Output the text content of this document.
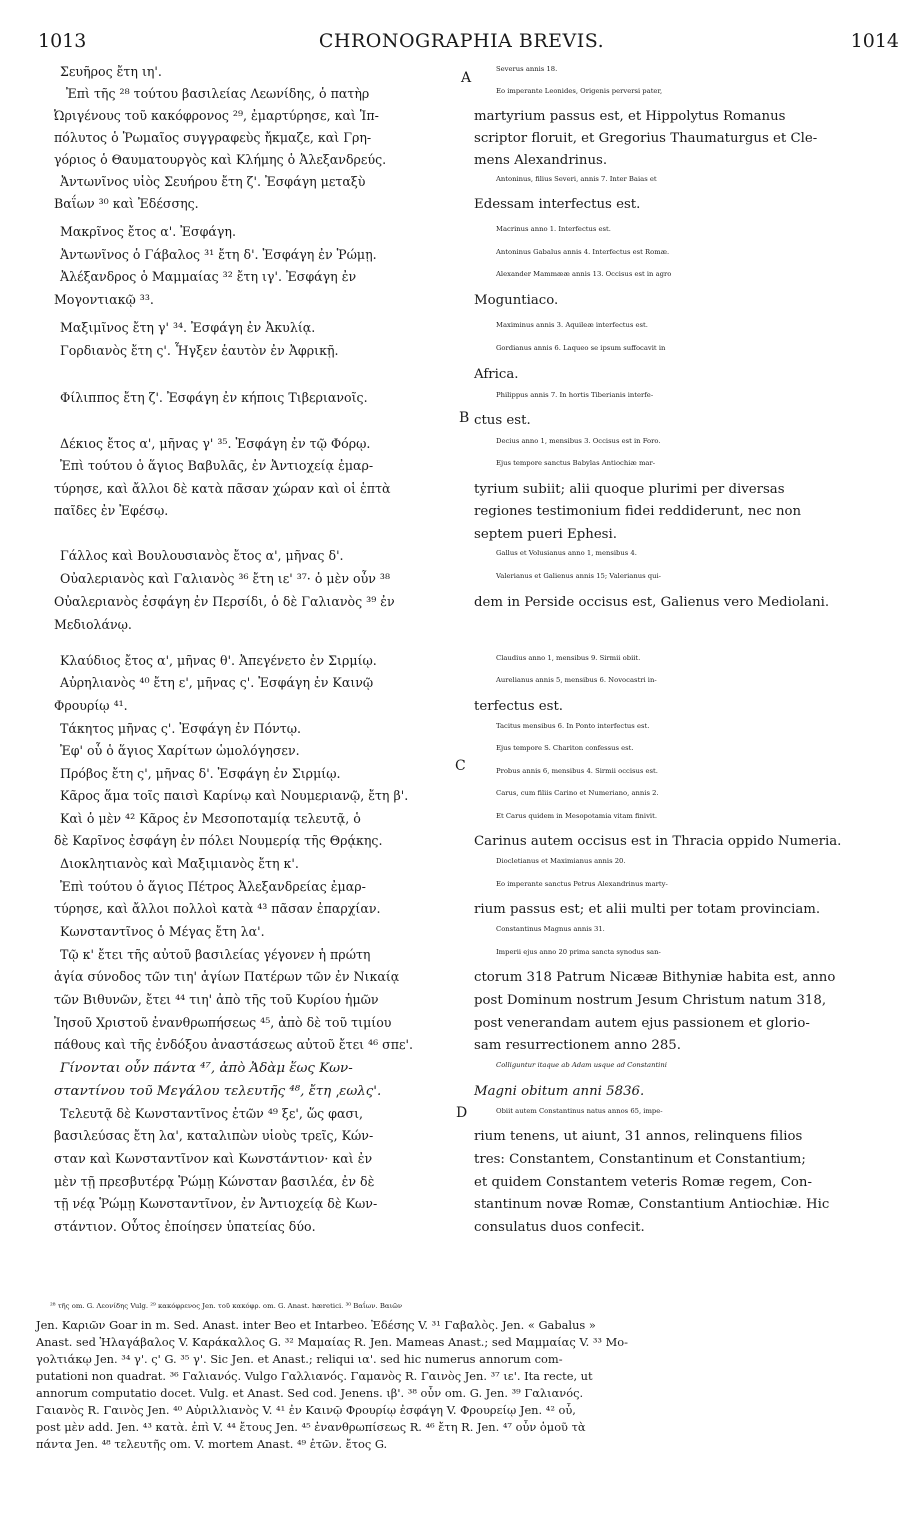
1013	CHRONOGRAPHIA BREVIS.	1014
A
B
C
D
Σευῆρος ἔτη ιη'.
Ἐπὶ τῆς ²⁸ τούτου βασιλείας Λεωνίδης, ὁ πατὴρ
Ὠριγένους τοῦ κακόφρονος ²⁹, ἐμαρτύρησε, καὶ Ἱπ-
πόλυτος ὁ Ῥωμαῖος συγγραφεὺς ἤκμαζε, καὶ Γρη-
γόριος ὁ Θαυματουργὸς καὶ Κλήμης ὁ Ἀλεξανδρεύς.
Ἀντωνῖνος υἱὸς Σευήρου ἔτη ζ'. Ἐσφάγη μεταξὺ
Βαΐων ³⁰ καὶ Ἐδέσσης.
Μακρῖνος ἔτος α'. Ἐσφάγη.
Ἀντωνῖνος ὁ Γάβαλος ³¹ ἔτη δ'. Ἐσφάγη ἐν Ῥώμῃ.
Ἀλέξανδρος ὁ Μαμμαίας ³² ἔτη ιγ'. Ἐσφάγη ἐν
Μογοντιακῷ ³³.
Μαξιμῖνος ἔτη γ' ³⁴. Ἐσφάγη ἐν Ἀκυλίᾳ.
Γορδιανὸς ἔτη ς'. Ἧγξεν ἑαυτὸν ἐν Ἀφρικῇ.
Φίλιππος ἔτη ζ'. Ἐσφάγη ἐν κήποις Τιβεριανοῖς.
Δέκιος ἔτος α', μῆνας γ' ³⁵. Ἐσφάγη ἐν τῷ Φόρῳ.
Ἐπὶ τούτου ὁ ἅγιος Βαβυλᾶς, ἐν Ἀντιοχείᾳ ἐμαρ-
τύρησε, καὶ ἄλλοι δὲ κατὰ πᾶσαν χώραν καὶ οἱ ἑπτὰ
παῖδες ἐν Ἐφέσῳ.
Γάλλος καὶ Βουλουσιανὸς ἔτος α', μῆνας δ'.
Οὐαλεριανὸς καὶ Γαλιανὸς ³⁶ ἔτη ιε' ³⁷· ὁ μὲν οὖν ³⁸
Οὐαλεριανὸς ἐσφάγη ἐν Περσίδι, ὁ δὲ Γαλιανὸς ³⁹ ἐν
Μεδιολάνῳ.
Κλαύδιος ἔτος α', μῆνας θ'. Ἀπεγένετο ἐν Σιρμίῳ.
Αὐρηλιανὸς ⁴⁰ ἔτη ε', μῆνας ς'. Ἐσφάγη ἐν Καινῷ
Φρουρίῳ ⁴¹.
Τάκητος μῆνας ς'. Ἐσφάγη ἐν Πόντῳ.
Ἐφ' οὗ ὁ ἅγιος Χαρίτων ὡμολόγησεν.
Πρόβος ἔτη ς', μῆνας δ'. Ἐσφάγη ἐν Σιρμίῳ.
Κᾶρος ἅμα τοῖς παισὶ Καρίνῳ καὶ Νουμεριανῷ, ἔτη β'.
Καὶ ὁ μὲν ⁴² Κᾶρος ἐν Μεσοποταμίᾳ τελευτᾷ, ὁ
δὲ Καρῖνος ἐσφάγη ἐν πόλει Νουμερίᾳ τῆς Θρᾴκης.
Διοκλητιανὸς καὶ Μαξιμιανὸς ἔτη κ'.
Ἐπὶ τούτου ὁ ἅγιος Πέτρος Ἀλεξανδρείας ἐμαρ-
τύρησε, καὶ ἄλλοι πολλοὶ κατὰ ⁴³ πᾶσαν ἐπαρχίαν.
Κωνσταντῖνος ὁ Μέγας ἔτη λα'.
Τῷ κ' ἔτει τῆς αὐτοῦ βασιλείας γέγονεν ἡ πρώτη
ἁγία σύνοδος τῶν τιη' ἁγίων Πατέρων τῶν ἐν Νικαίᾳ
τῶν Βιθυνῶν, ἔτει ⁴⁴ τιη' ἀπὸ τῆς τοῦ Κυρίου ἡμῶν
Ἰησοῦ Χριστοῦ ἐνανθρωπήσεως ⁴⁵, ἀπὸ δὲ τοῦ τιμίου
πάθους καὶ τῆς ἐνδόξου ἀναστάσεως αὐτοῦ ἔτει ⁴⁶ σπε'.
Γίνονται οὖν πάντα ⁴⁷, ἀπὸ Ἀδὰμ ἕως Κων-
σταντίνου τοῦ Μεγάλου τελευτῆς ⁴⁸, ἔτη ͵εωλς'.
Τελευτᾷ δὲ Κωνσταντῖνος ἐτῶν ⁴⁹ ξε', ὥς φασι,
βασιλεύσας ἔτη λα', καταλιπὼν υἱοὺς τρεῖς, Κών-
σταν καὶ Κωνσταντῖνον καὶ Κωνστάντιον· καὶ ἐν
μὲν τῇ πρεσβυτέρᾳ Ῥώμῃ Κώνσταν βασιλέα, ἐν δὲ
τῇ νέᾳ Ῥώμῃ Κωνσταντῖνον, ἐν Ἀντιοχείᾳ δὲ Κων-
στάντιον. Οὗτος ἐποίησεν ὑπατείας δύο.
Severus annis 18.
Eo imperante Leonides, Origenis perversi pater,
martyrium passus est, et Hippolytus Romanus
scriptor floruit, et Gregorius Thaumaturgus et Cle-
mens Alexandrinus.
Antoninus, filius Severi, annis 7. Inter Baias et
Edessam interfectus est.
Macrinus anno 1. Interfectus est.
Antoninus Gabalus annis 4. Interfectus est Romæ.
Alexander Mammææ annis 13. Occisus est in agro
Moguntiaco.
Maximinus annis 3. Aquileæ interfectus est.
Gordianus annis 6. Laqueo se ipsum suffocavit in
Africa.
Philippus annis 7. In hortis Tiberianis interfe-
ctus est.
Decius anno 1, mensibus 3. Occisus est in Foro.
Ejus tempore sanctus Babylas Antiochiæ mar-
tyrium subiit; alii quoque plurimi per diversas
regiones testimonium fidei reddiderunt, nec non
septem pueri Ephesi.
Gallus et Volusianus anno 1, mensibus 4.
Valerianus et Galienus annis 15; Valerianus qui-
dem in Perside occisus est, Galienus vero Mediolani.
Claudius anno 1, mensibus 9. Sirmii obiit.
Aurelianus annis 5, mensibus 6. Novocastri in-
terfectus est.
Tacitus mensibus 6. In Ponto interfectus est.
Ejus tempore S. Chariton confessus est.
Probus annis 6, mensibus 4. Sirmii occisus est.
Carus, cum filiis Carino et Numeriano, annis 2.
Et Carus quidem in Mesopotamia vitam finivit.
Carinus autem occisus est in Thracia oppido Numeria.
Diocletianus et Maximianus annis 20.
Eo imperante sanctus Petrus Alexandrinus marty-
rium passus est; et alii multi per totam provinciam.
Constantinus Magnus annis 31.
Imperii ejus anno 20 prima sancta synodus san-
ctorum 318 Patrum Nicææ Bithyniæ habita est, anno
post Dominum nostrum Jesum Christum natum 318,
post venerandam autem ejus passionem et glorio-
sam resurrectionem anno 285.
Colliguntur itaque ab Adam usque ad Constantini
Magni obitum anni 5836.
Obiit autem Constantinus natus annos 65, impe-
rium tenens, ut aiunt, 31 annos, relinquens filios
tres: Constantem, Constantinum et Constantium;
et quidem Constantem veteris Romæ regem, Con-
stantinum novæ Romæ, Constantium Antiochiæ. Hic
consulatus duos confecit.
²⁸ τῆς om. G. Λεονίδης Vulg. ²⁹ κακόφρενος Jen. τοῦ κακόφρ. om. G. Anast. hæretici. ³⁰ Βαΐων. Βαιῶν
Jen. Καριῶν Goar in m. Sed. Anast. inter Beo et Intarbeo. Ἐδέσης V. ³¹ Γαβαλὸς. Jen. « Gabalus »
Anast. sed Ἡλαγάβαλος V. Καράκαλλος G. ³² Μαμαίας R. Jen. Mameas Anast.; sed Μαμμαίας V. ³³ Μο-
γολτιάκῳ Jen. ³⁴ γ'. ς' G. ³⁵ γ'. Sic Jen. et Anast.; reliqui ια'. sed hic numerus annorum com-
putationi non quadrat. ³⁶ Γαλιανός. Vulgo Γαλλιανός. Γαμανὸς R. Γαινὸς Jen. ³⁷ ιε'. Ita recte, ut
annorum computatio docet. Vulg. et Anast. Sed cod. Jenens. ιβ'. ³⁸ οὖν om. G. Jen. ³⁹ Γαλιανός.
Γαιανὸς R. Γαινὸς Jen. ⁴⁰ Αὐριλλιανὸς V. ⁴¹ ἐν Καινῷ Φρουρίῳ ἐσφάγη V. Φρουρείῳ Jen. ⁴² οὖ,
post μὲν add. Jen. ⁴³ κατὰ. ἐπὶ V. ⁴⁴ ἔτους Jen. ⁴⁵ ἐνανθρωπίσεως R. ⁴⁶ ἔτη R. Jen. ⁴⁷ οὖν ὁμοῦ τὰ
πάντα Jen. ⁴⁸ τελευτῆς om. V. mortem Anast. ⁴⁹ ἐτῶν. ἔτος G.
